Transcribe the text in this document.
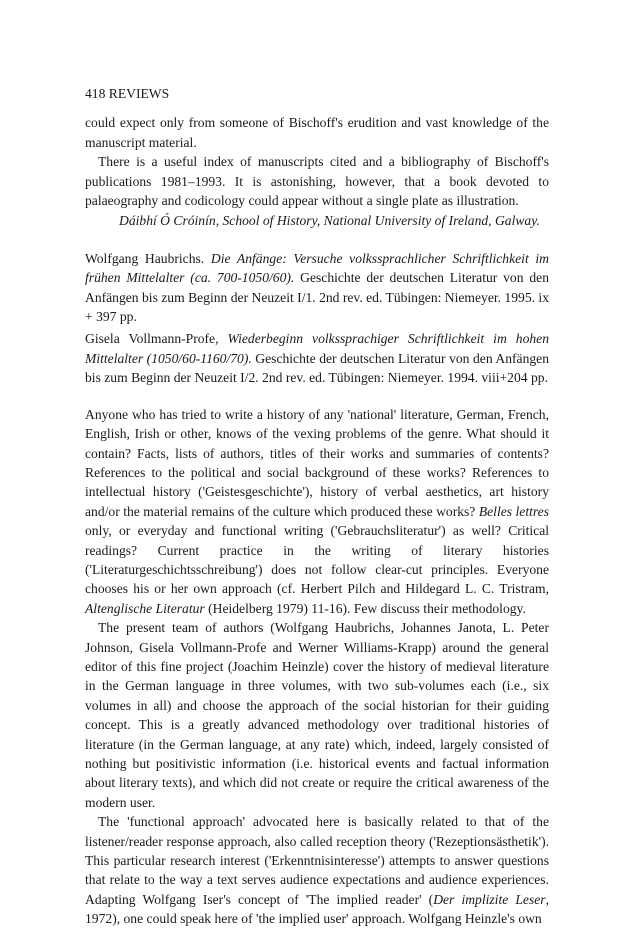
418 REVIEWS

could expect only from someone of Bischoff's erudition and vast knowledge of the manuscript material.

There is a useful index of manuscripts cited and a bibliography of Bischoff's publications 1981–1993. It is astonishing, however, that a book devoted to palaeography and codicology could appear without a single plate as illustration.

Dáibhí Ó Cróinín, School of History, National University of Ireland, Galway.

Wolfgang Haubrichs. Die Anfänge: Versuche volkssprachlicher Schriftlichkeit im frühen Mittelalter (ca. 700-1050/60). Geschichte der deutschen Literatur von den Anfängen bis zum Beginn der Neuzeit I/1. 2nd rev. ed. Tübingen: Niemeyer. 1995. ix + 397 pp.

Gisela Vollmann-Profe, Wiederbeginn volkssprachiger Schriftlichkeit im hohen Mittelalter (1050/60-1160/70). Geschichte der deutschen Literatur von den Anfängen bis zum Beginn der Neuzeit I/2. 2nd rev. ed. Tübingen: Niemeyer. 1994. viii+204 pp.

Anyone who has tried to write a history of any 'national' literature, German, French, English, Irish or other, knows of the vexing problems of the genre. What should it contain? Facts, lists of authors, titles of their works and summaries of contents? References to the political and social background of these works? References to intellectual history ('Geistesgeschichte'), history of verbal aesthetics, art history and/or the material remains of the culture which produced these works? Belles lettres only, or everyday and functional writing ('Gebrauchsliteratur') as well? Critical readings? Current practice in the writing of literary histories ('Literaturgeschichtsschreibung') does not follow clear-cut principles. Everyone chooses his or her own approach (cf. Herbert Pilch and Hildegard L. C. Tristram, Altenglische Literatur (Heidelberg 1979) 11-16). Few discuss their methodology.

The present team of authors (Wolfgang Haubrichs, Johannes Janota, L. Peter Johnson, Gisela Vollmann-Profe and Werner Williams-Krapp) around the general editor of this fine project (Joachim Heinzle) cover the history of medieval literature in the German language in three volumes, with two sub-volumes each (i.e., six volumes in all) and choose the approach of the social historian for their guiding concept. This is a greatly advanced methodology over traditional histories of literature (in the German language, at any rate) which, indeed, largely consisted of nothing but positivistic information (i.e. historical events and factual information about literary texts), and which did not create or require the critical awareness of the modern user.

The 'functional approach' advocated here is basically related to that of the listener/reader response approach, also called reception theory ('Rezeptionsästhetik'). This particular research interest ('Erkenntnisinteresse') attempts to answer questions that relate to the way a text serves audience expectations and audience experiences. Adapting Wolfgang Iser's concept of 'The implied reader' (Der implizite Leser, 1972), one could speak here of 'the implied user' approach. Wolfgang Heinzle's own
